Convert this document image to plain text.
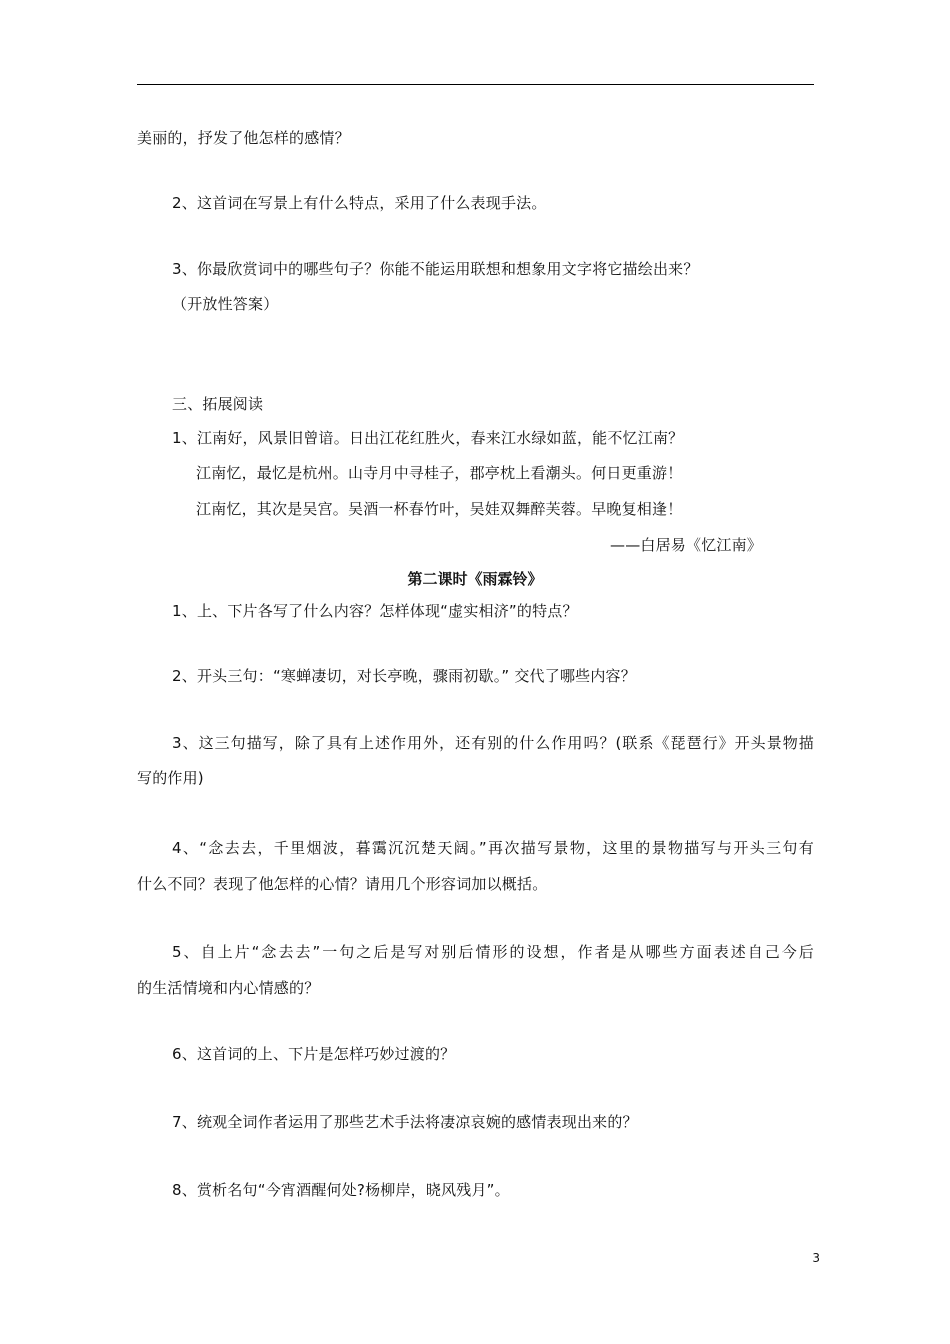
美丽的，抒发了他怎样的感情？
2、这首词在写景上有什么特点，采用了什么表现手法。
3、你最欣赏词中的哪些句子？你能不能运用联想和想象用文字将它描绘出来？
（开放性答案）
三、拓展阅读
1、江南好，风景旧曾谙。日出江花红胜火，春来江水绿如蓝，能不忆江南？
江南忆，最忆是杭州。山寺月中寻桂子，郡亭枕上看潮头。何日更重游！
江南忆，其次是吴宫。吴酒一杯春竹叶，吴娃双舞醉芙蓉。早晚复相逢！
——白居易《忆江南》
第二课时《雨霖铃》
1、上、下片各写了什么内容？怎样体现“虚实相济”的特点？
2、开头三句：“寒蝉凄切，对长亭晚，骤雨初歇。” 交代了哪些内容？
3、这三句描写，除了具有上述作用外，还有别的什么作用吗？(联系《琵琶行》开头景物描
写的作用)
4、“念去去，千里烟波，暮霭沉沉楚天阔。”再次描写景物，这里的景物描写与开头三句有
什么不同？表现了他怎样的心情？请用几个形容词加以概括。
5、自上片“念去去”一句之后是写对别后情形的设想，作者是从哪些方面表述自己今后
的生活情境和内心情感的？
6、这首词的上、下片是怎样巧妙过渡的？
7、统观全词作者运用了那些艺术手法将凄凉哀婉的感情表现出来的？
8、赏析名句“今宵酒醒何处?杨柳岸，晓风残月”。
3
